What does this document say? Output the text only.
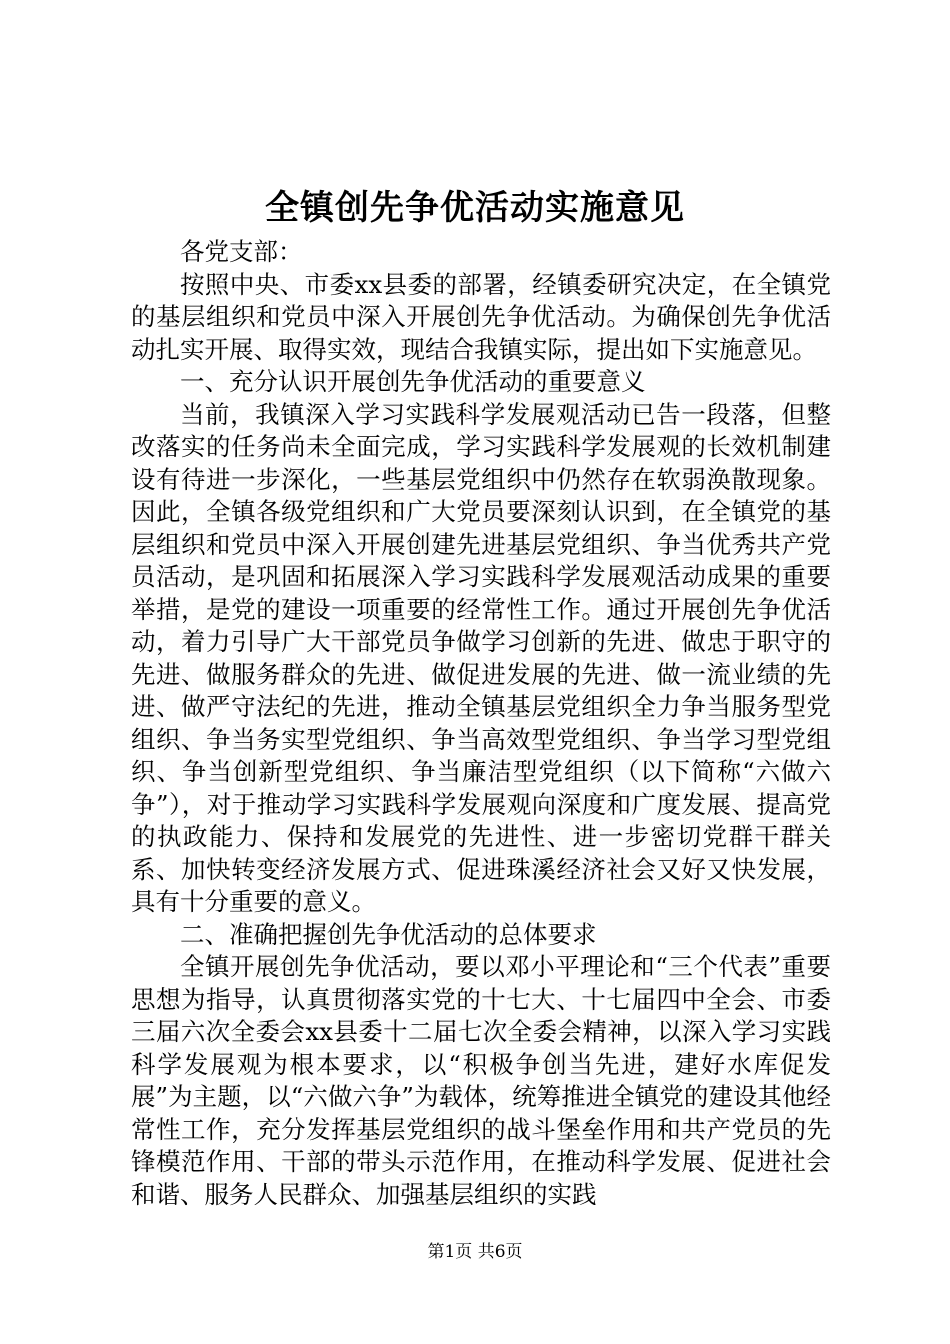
全镇创先争优活动实施意见

各党支部：

按照中央、市委xx县委的部署，经镇委研究决定，在全镇党的基层组织和党员中深入开展创先争优活动。为确保创先争优活动扎实开展、取得实效，现结合我镇实际，提出如下实施意见。

一、充分认识开展创先争优活动的重要意义

当前，我镇深入学习实践科学发展观活动已告一段落，但整改落实的任务尚未全面完成，学习实践科学发展观的长效机制建设有待进一步深化，一些基层党组织中仍然存在软弱涣散现象。因此，全镇各级党组织和广大党员要深刻认识到，在全镇党的基层组织和党员中深入开展创建先进基层党组织、争当优秀共产党员活动，是巩固和拓展深入学习实践科学发展观活动成果的重要举措，是党的建设一项重要的经常性工作。通过开展创先争优活动，着力引导广大干部党员争做学习创新的先进、做忠于职守的先进、做服务群众的先进、做促进发展的先进、做一流业绩的先进、做严守法纪的先进，推动全镇基层党组织全力争当服务型党组织、争当务实型党组织、争当高效型党组织、争当学习型党组织、争当创新型党组织、争当廉洁型党组织（以下简称“六做六争”），对于推动学习实践科学发展观向深度和广度发展、提高党的执政能力、保持和发展党的先进性、进一步密切党群干群关系、加快转变经济发展方式、促进珠溪经济社会又好又快发展，具有十分重要的意义。

二、准确把握创先争优活动的总体要求

全镇开展创先争优活动，要以邓小平理论和“三个代表”重要思想为指导，认真贯彻落实党的十七大、十七届四中全会、市委三届六次全委会xx县委十二届七次全委会精神，以深入学习实践科学发展观为根本要求，以“积极争创当先进，建好水库促发展”为主题，以“六做六争”为载体，统筹推进全镇党的建设其他经常性工作，充分发挥基层党组织的战斗堡垒作用和共产党员的先锋模范作用、干部的带头示范作用，在推动科学发展、促进社会和谐、服务人民群众、加强基层组织的实践

第1页 共6页
